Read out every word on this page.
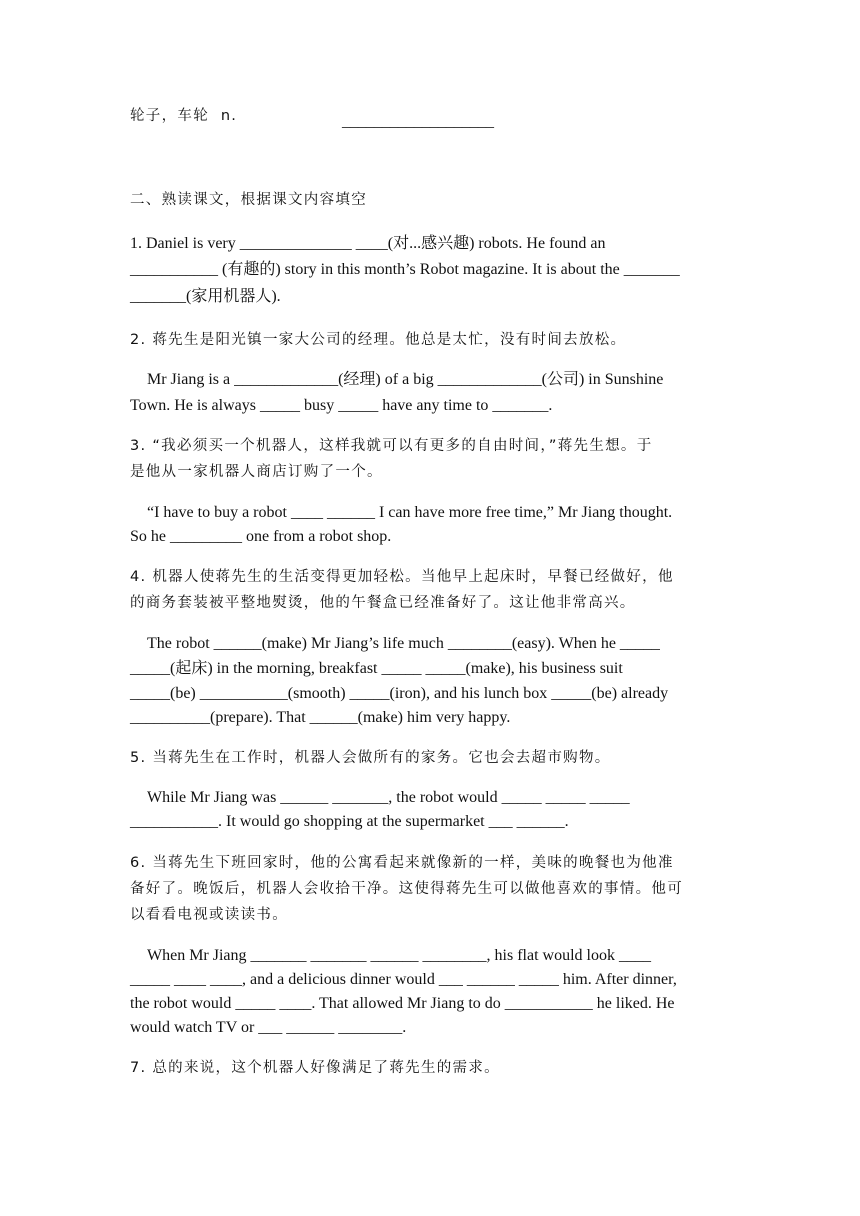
轮子，车轮  n.	___________________
二、熟读课文，根据课文内容填空
1. Daniel is very ______________ ____(对...感兴趣) robots. He found an
___________ (有趣的) story in this month’s Robot magazine. It is about the _______
_______(家用机器人).
2. 蒋先生是阳光镇一家大公司的经理。他总是太忙，没有时间去放松。
Mr Jiang is a _____________(经理) of a big _____________(公司) in Sunshine
Town. He is always _____ busy _____ have any time to _______.
3. “我必须买一个机器人，这样我就可以有更多的自由时间，”蒋先生想。于
是他从一家机器人商店订购了一个。
“I have to buy a robot ____ ______ I can have more free time,” Mr Jiang thought.
So he _________ one from a robot shop.
4. 机器人使蒋先生的生活变得更加轻松。当他早上起床时，早餐已经做好，他
的商务套装被平整地熨烫，他的午餐盒已经准备好了。这让他非常高兴。
The robot ______(make) Mr Jiang’s life much ________(easy). When he _____
_____(起床) in the morning, breakfast _____ _____(make), his business suit
_____(be) ___________(smooth) _____(iron), and his lunch box _____(be) already
__________(prepare). That ______(make) him very happy.
5. 当蒋先生在工作时，机器人会做所有的家务。它也会去超市购物。
While Mr Jiang was ______ _______, the robot would _____ _____ _____
___________. It would go shopping at the supermarket ___ ______.
6. 当蒋先生下班回家时，他的公寓看起来就像新的一样，美味的晚餐也为他准
备好了。晚饭后，机器人会收拾干净。这使得蒋先生可以做他喜欢的事情。他可
以看看电视或读读书。
When Mr Jiang _______ _______ ______ ________, his flat would look ____
_____ ____ ____, and a delicious dinner would ___ ______ _____ him. After dinner,
the robot would _____ ____. That allowed Mr Jiang to do ___________ he liked. He
would watch TV or ___ ______ ________.
7. 总的来说，这个机器人好像满足了蒋先生的需求。
